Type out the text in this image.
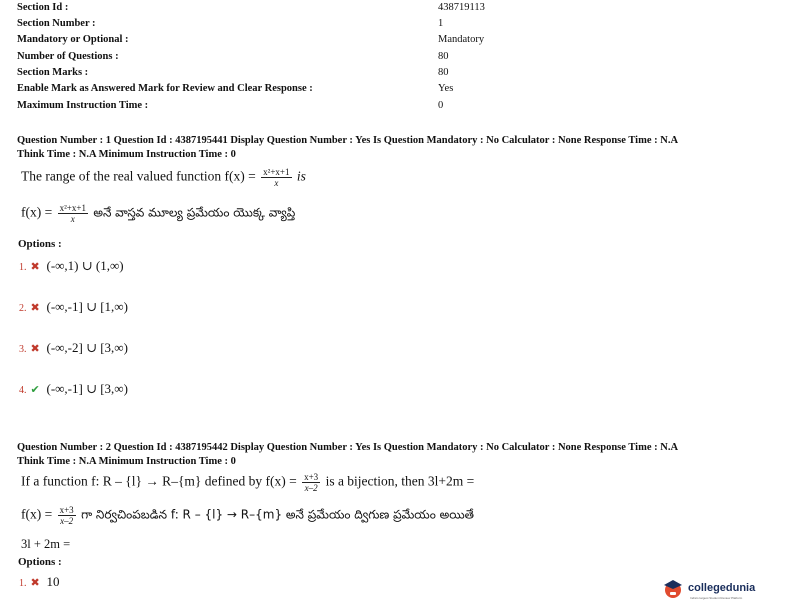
Section Id :	438719113
Section Number :	1
Mandatory or Optional :	Mandatory
Number of Questions :	80
Section Marks :	80
Enable Mark as Answered Mark for Review and Clear Response :	Yes
Maximum Instruction Time :	0
Question Number : 1 Question Id : 4387195441 Display Question Number : Yes Is Question Mandatory : No Calculator : None Response Time : N.A
Think Time : N.A Minimum Instruction Time : 0
The range of the real valued function $f(x) = \frac{\text{x²+x+1}}{x}$ is
$f(x) = \frac{\text{x²+x+1}}{x}$ అనే వాస్తవ మూల్య ప్రమేయం యొక్క వ్యాప్తి
Options :
1. ✖ (-∞,1) ∪ (1,∞)
2. ✖ (-∞,-1] ∪ [1,∞)
3. ✖ (-∞,-2] ∪ [3,∞)
4. ✔ (-∞,-1] ∪ [3,∞)
Question Number : 2 Question Id : 4387195442 Display Question Number : Yes Is Question Mandatory : No Calculator : None Response Time : N.A
Think Time : N.A Minimum Instruction Time : 0
If a function f: R – {l} → R–{m} defined by $f(x) = \frac{x+3}{x-2}$ is a bijection, then 3l+2m =
$f(x) = \frac{x+3}{x-2}$ గా నిర్వచింపబడిన f: R – {l} → R–{m} అనే ప్రమేయం ద్విగుణ ప్రమేయం అయితే
3l + 2m =
Options :
1. ✖ 10	collegedunia
India's largest Student Review Platform
